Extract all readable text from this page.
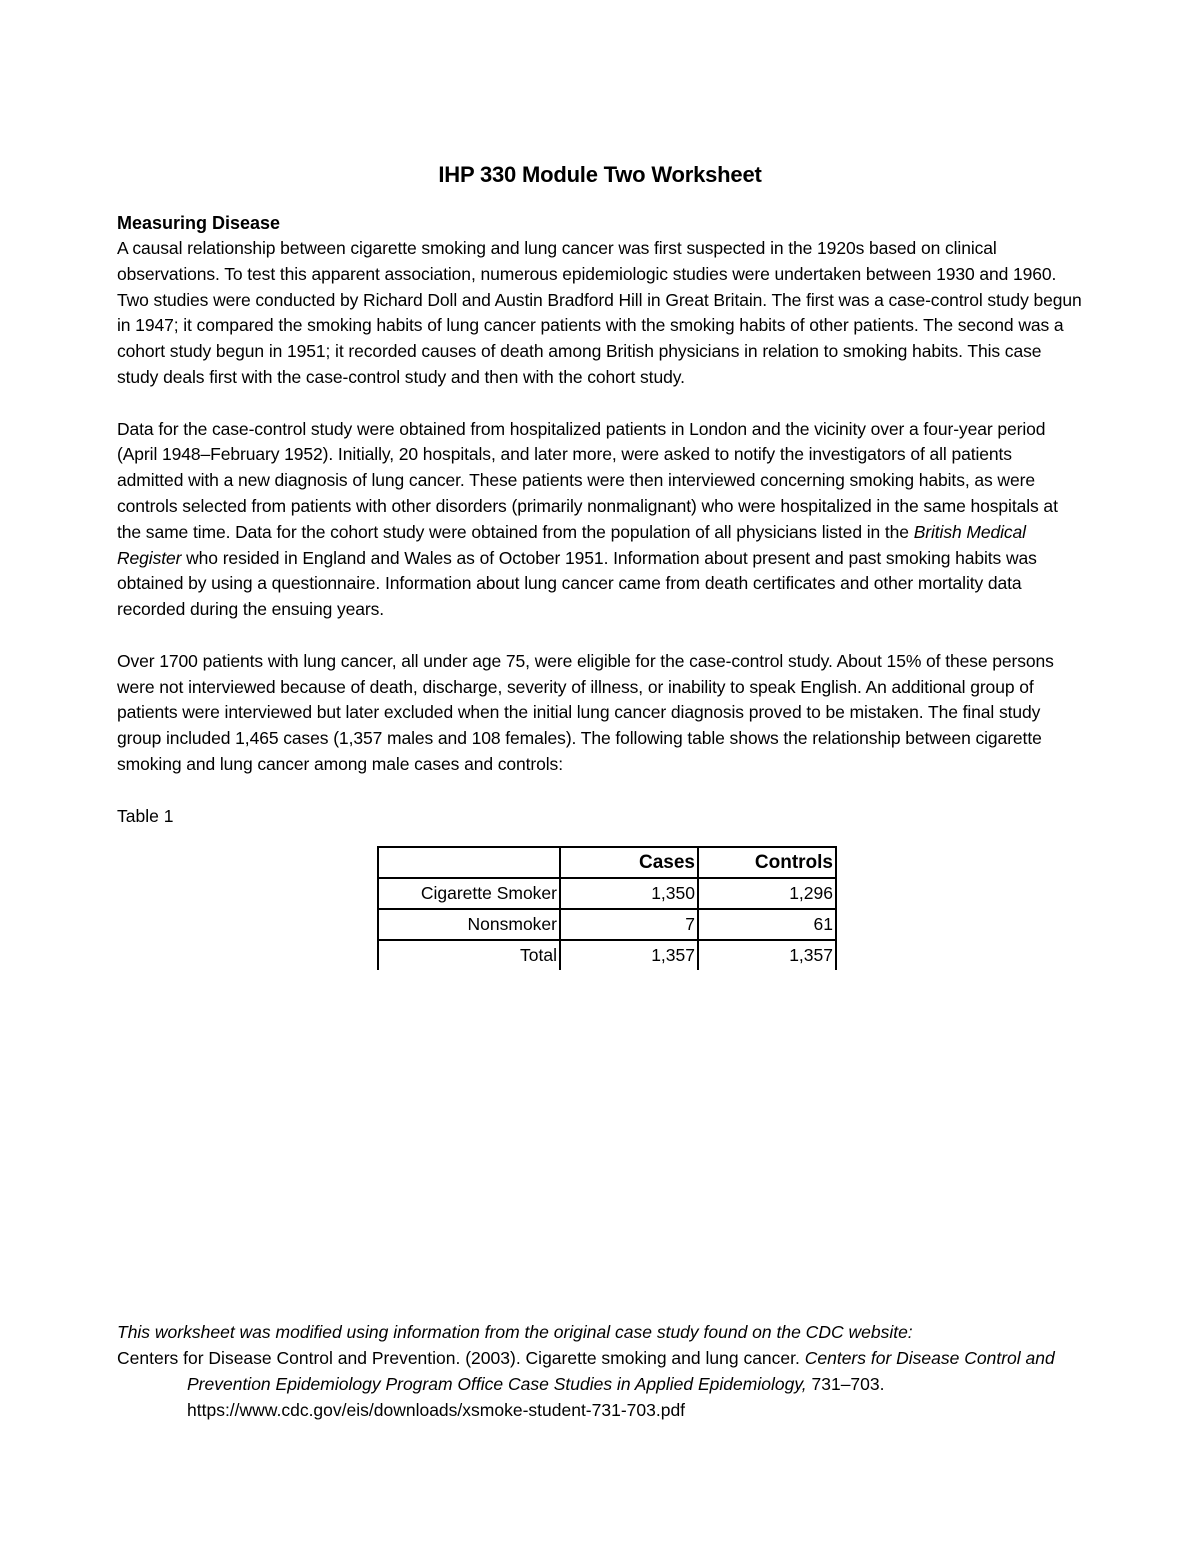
IHP 330 Module Two Worksheet
Measuring Disease

A causal relationship between cigarette smoking and lung cancer was first suspected in the 1920s based on clinical observations. To test this apparent association, numerous epidemiologic studies were undertaken between 1930 and 1960. Two studies were conducted by Richard Doll and Austin Bradford Hill in Great Britain. The first was a case-control study begun in 1947; it compared the smoking habits of lung cancer patients with the smoking habits of other patients. The second was a cohort study begun in 1951; it recorded causes of death among British physicians in relation to smoking habits. This case study deals first with the case-control study and then with the cohort study.

Data for the case-control study were obtained from hospitalized patients in London and the vicinity over a four-year period (April 1948–February 1952). Initially, 20 hospitals, and later more, were asked to notify the investigators of all patients admitted with a new diagnosis of lung cancer. These patients were then interviewed concerning smoking habits, as were controls selected from patients with other disorders (primarily nonmalignant) who were hospitalized in the same hospitals at the same time. Data for the cohort study were obtained from the population of all physicians listed in the British Medical Register who resided in England and Wales as of October 1951. Information about present and past smoking habits was obtained by using a questionnaire. Information about lung cancer came from death certificates and other mortality data recorded during the ensuing years.

Over 1700 patients with lung cancer, all under age 75, were eligible for the case-control study. About 15% of these persons were not interviewed because of death, discharge, severity of illness, or inability to speak English. An additional group of patients were interviewed but later excluded when the initial lung cancer diagnosis proved to be mistaken. The final study group included 1,465 cases (1,357 males and 108 females). The following table shows the relationship between cigarette smoking and lung cancer among male cases and controls:

Table 1
	Cases	Controls
Cigarette Smoker	1,350	1,296
Nonsmoker	7	61
Total	1,357	1,357

This worksheet was modified using information from the original case study found on the CDC website:

Centers for Disease Control and Prevention. (2003). Cigarette smoking and lung cancer. Centers for Disease Control and Prevention Epidemiology Program Office Case Studies in Applied Epidemiology, 731–703.

https://www.cdc.gov/eis/downloads/xsmoke-student-731-703.pdf
